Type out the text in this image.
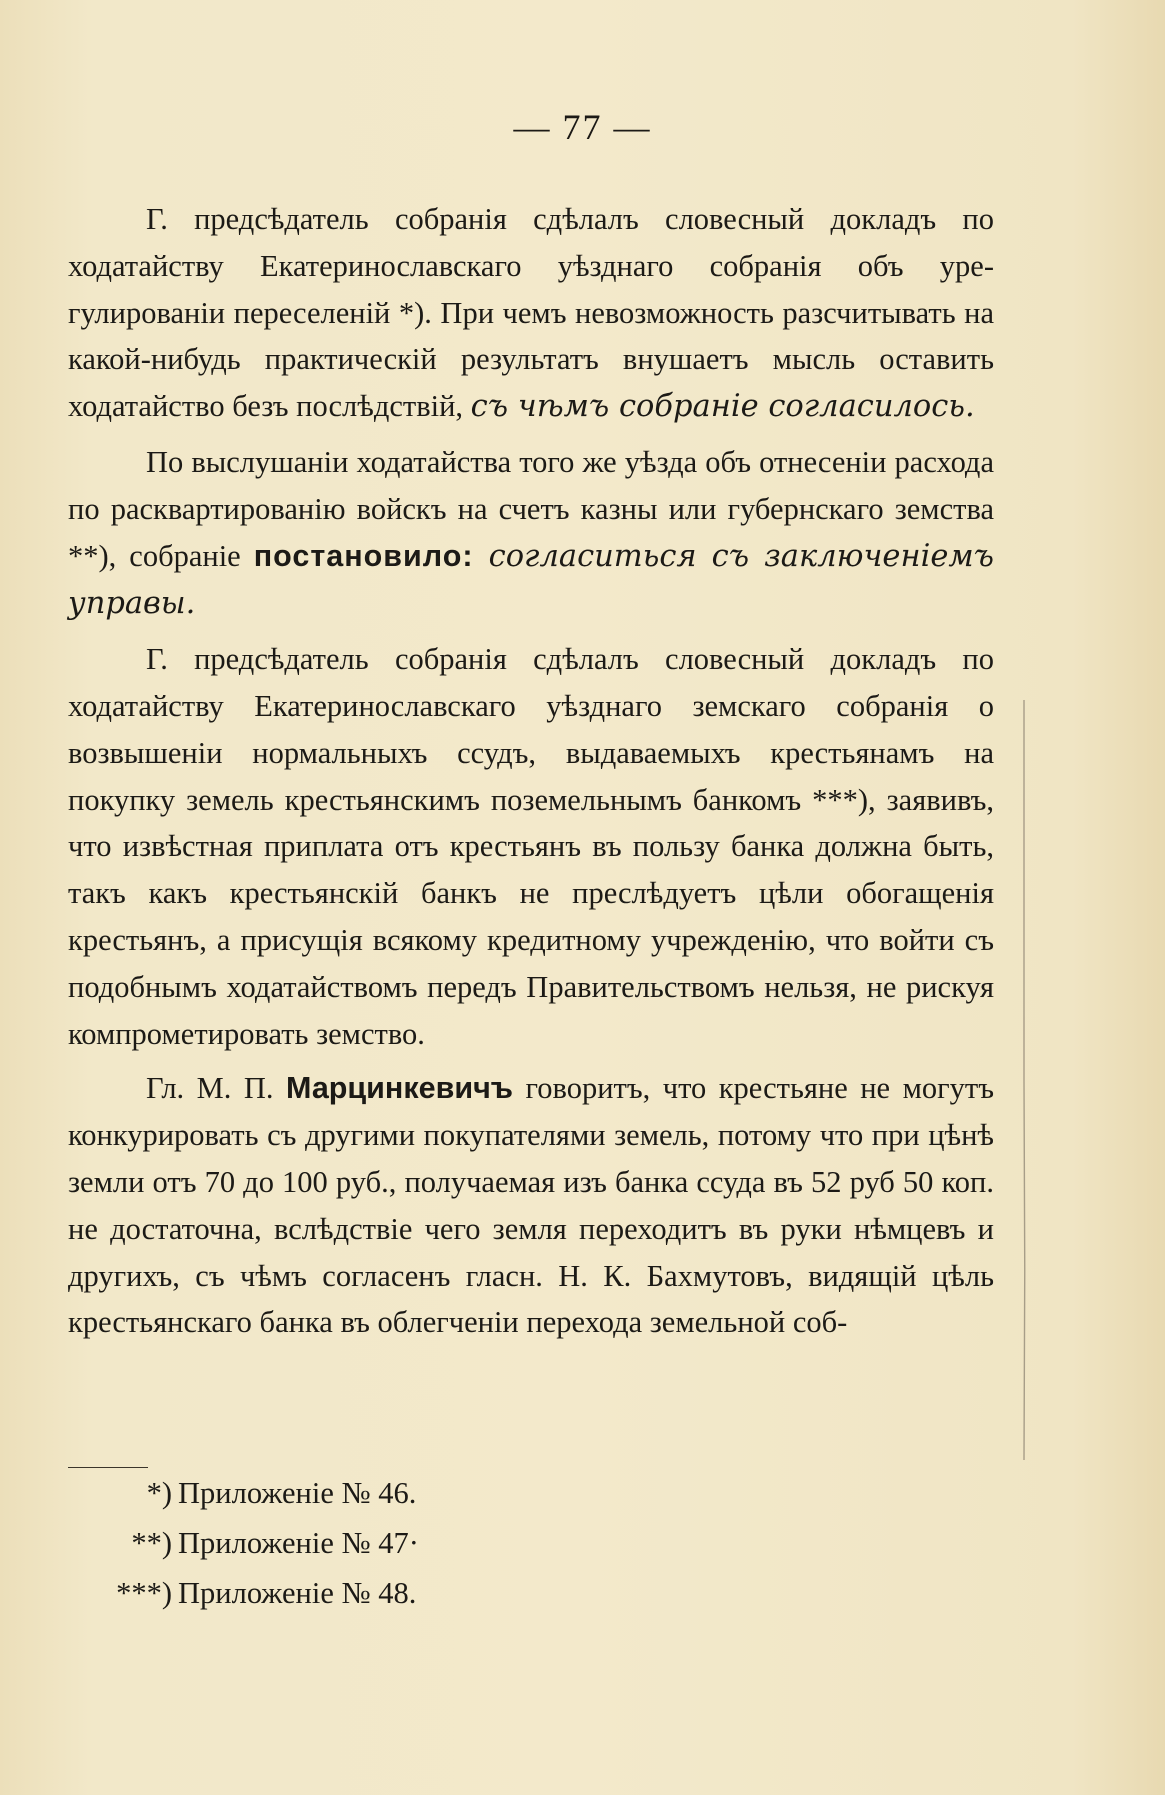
— 77 —

Г. предсѣдатель собранія сдѣлалъ словесный докладъ по ходатайству Екатеринославскаго уѣзднаго собранія объ урегулированіи переселеній *). При чемъ невозможность разсчитывать на какой-нибудь практическій результатъ внушаетъ мысль оставить ходатайство безъ послѣдствій, съ чѣмъ собраніе согласилось.

По выслушаніи ходатайства того же уѣзда объ отнесеніи расхода по расквартированію войскъ на счетъ казны или губернскаго земства **), собраніе постановило: согласиться съ заключеніемъ управы.

Г. предсѣдатель собранія сдѣлалъ словесный докладъ по ходатайству Екатеринославскаго уѣзднаго земскаго собранія о возвышеніи нормальныхъ ссудъ, выдаваемыхъ крестьянамъ на покупку земель крестьянскимъ поземельнымъ банкомъ ***), заявивъ, что извѣстная приплата отъ крестьянъ въ пользу банка должна быть, такъ какъ крестьянскій банкъ не преслѣдуетъ цѣли обогащенія крестьянъ, а присущія всякому кредитному учрежденію, что войти съ подобнымъ ходатайствомъ передъ Правительствомъ нельзя, не рискуя компрометировать земство.

Гл. М. П. Марцинкевичъ говоритъ, что крестьяне не могутъ конкурировать съ другими покупателями земель, потому что при цѣнѣ земли отъ 70 до 100 руб., получаемая изъ банка ссуда въ 52 руб 50 коп. не достаточна, вслѣдствіе чего земля переходитъ въ руки нѣмцевъ и другихъ, съ чѣмъ согласенъ гласн. Н. К. Бахмутовъ, видящій цѣль крестьянскаго банка въ облегченіи перехода земельной соб-

*) Приложеніе № 46.
**) Приложеніе № 47·
***) Приложеніе № 48.
